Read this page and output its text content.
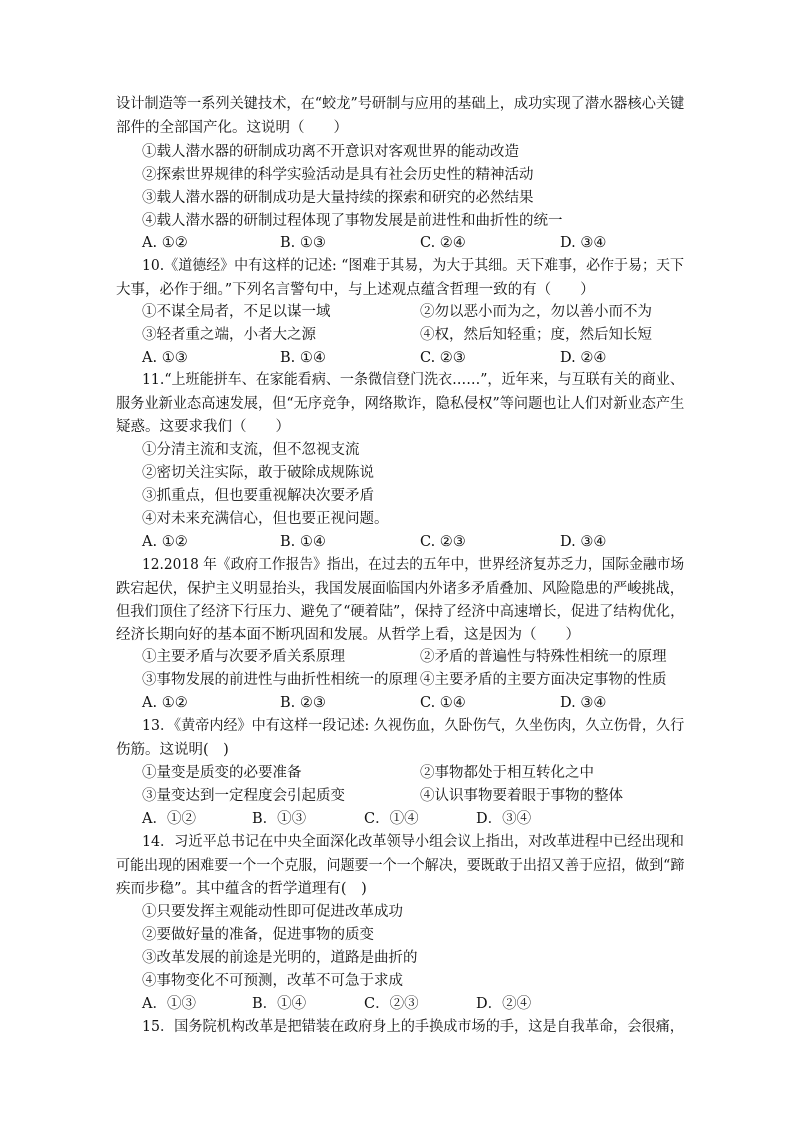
设计制造等一系列关键技术，在“蛟龙”号研制与应用的基础上，成功实现了潜水器核心关键
部件的全部国产化。这说明（　　）
①载人潜水器的研制成功离不开意识对客观世界的能动改造
②探索世界规律的科学实验活动是具有社会历史性的精神活动
③载人潜水器的研制成功是大量持续的探索和研究的必然结果
④载人潜水器的研制过程体现了事物发展是前进性和曲折性的统一
A. ①②	B. ①③	C. ②④	D. ③④
10.《道德经》中有这样的记述: “图难于其易，为大于其细。天下难事，必作于易；天下
大事，必作于细。”下列名言警句中，与上述观点蕴含哲理一致的有（　　）
①不谋全局者，不足以谋一域	②勿以恶小而为之，勿以善小而不为
③轻者重之端，小者大之源	④权，然后知轻重；度，然后知长短
A. ①③	B. ①④	C. ②③	D. ②④
11.“上班能拼车、在家能看病、一条微信登门洗衣……”，近年来，与互联有关的商业、
服务业新业态高速发展，但“无序竞争，网络欺诈，隐私侵权”等问题也让人们对新业态产生
疑惑。这要求我们（　　）
①分清主流和支流，但不忽视支流
②密切关注实际，敢于破除成规陈说
③抓重点，但也要重视解决次要矛盾
④对未来充满信心，但也要正视问题。
A. ①②	B. ①④	C. ②③	D. ③④
12.2018 年《政府工作报告》指出，在过去的五年中，世界经济复苏乏力，国际金融市场
跌宕起伏，保护主义明显抬头，我国发展面临国内外诸多矛盾叠加、风险隐患的严峻挑战，
但我们顶住了经济下行压力、避免了“硬着陆”，保持了经济中高速增长，促进了结构优化，
经济长期向好的基本面不断巩固和发展。从哲学上看，这是因为（　　）
①主要矛盾与次要矛盾关系原理	②矛盾的普遍性与特殊性相统一的原理
③事物发展的前进性与曲折性相统一的原理 ④主要矛盾的主要方面决定事物的性质
A. ①②	B. ②③	C. ①④	D. ③④
13．《黄帝内经》中有这样一段记述: 久视伤血，久卧伤气，久坐伤肉，久立伤骨，久行
伤筋。这说明(　)
①量变是质变的必要准备	②事物都处于相互转化之中
③量变达到一定程度会引起质变	④认识事物要着眼于事物的整体
A．①②	B．①③	C．①④	D．③④
14．习近平总书记在中央全面深化改革领导小组会议上指出，对改革进程中已经出现和
可能出现的困难要一个一个克服，问题要一个一个解决，要既敢于出招又善于应招，做到“蹄
疾而步稳”。其中蕴含的哲学道理有(　)
①只要发挥主观能动性即可促进改革成功
②要做好量的准备，促进事物的质变
③改革发展的前途是光明的，道路是曲折的
④事物变化不可预测，改革不可急于求成
A．①③	B．①④	C．②③	D．②④
15．国务院机构改革是把错装在政府身上的手换成市场的手，这是自我革命，会很痛，
